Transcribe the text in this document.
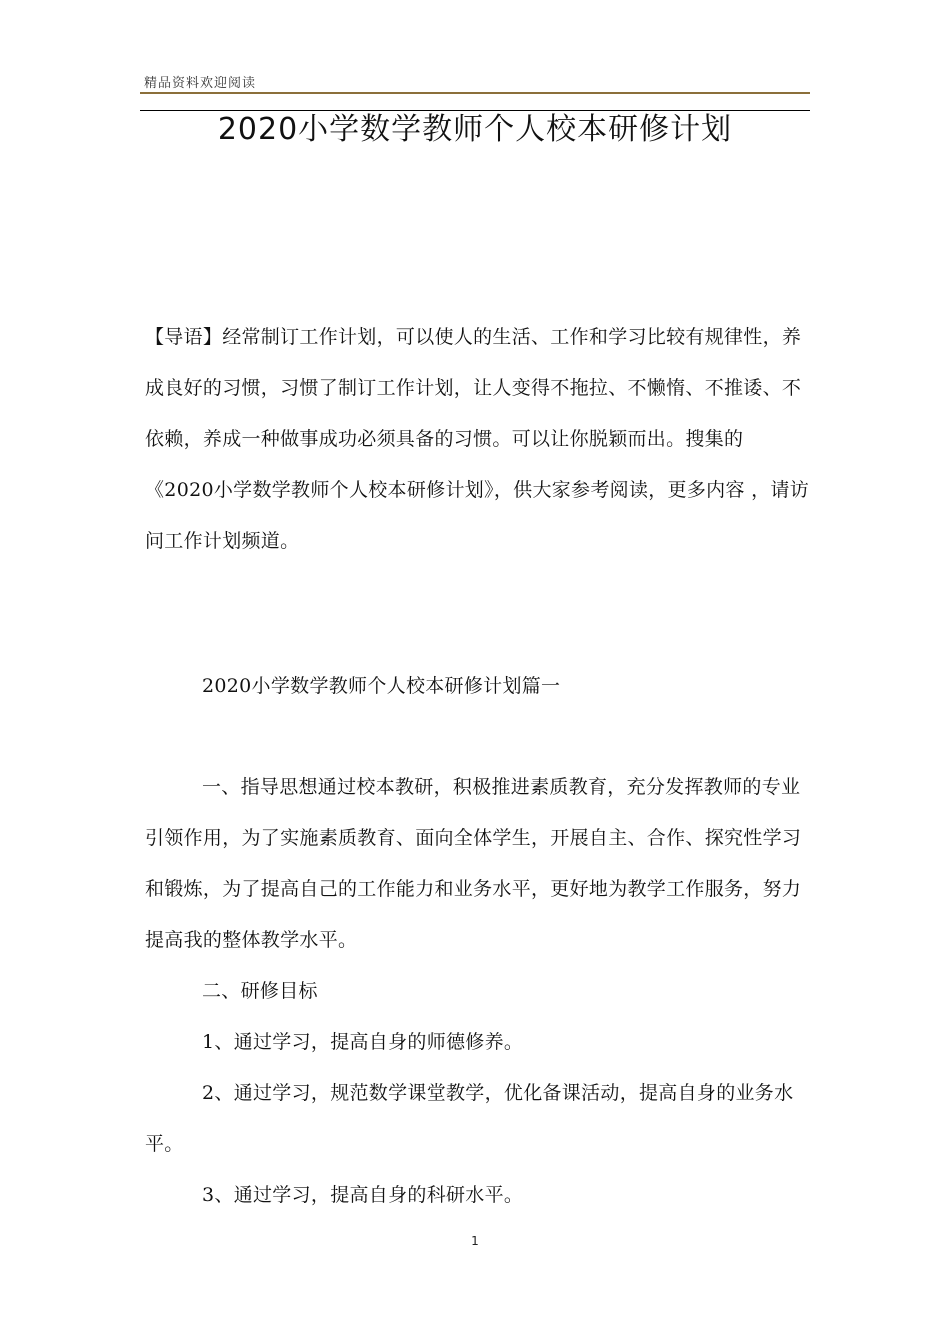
精品资料欢迎阅读
2020小学数学教师个人校本研修计划

【导语】经常制订工作计划，可以使人的生活、工作和学习比较有规律性，养成良好的习惯，习惯了制订工作计划，让人变得不拖拉、不懒惰、不推诿、不依赖，养成一种做事成功必须具备的习惯。可以让你脱颖而出。搜集的《2020小学数学教师个人校本研修计划》，供大家参考阅读，更多内容 ，请访问工作计划频道。

2020小学数学教师个人校本研修计划篇一

一、指导思想通过校本教研，积极推进素质教育，充分发挥教师的专业引领作用，为了实施素质教育、面向全体学生，开展自主、合作、探究性学习和锻炼，为了提高自己的工作能力和业务水平，更好地为教学工作服务，努力提高我的整体教学水平。

二、研修目标

1、通过学习，提高自身的师德修养。

2、通过学习，规范数学课堂教学，优化备课活动，提高自身的业务水平。

3、通过学习，提高自身的科研水平。

1
